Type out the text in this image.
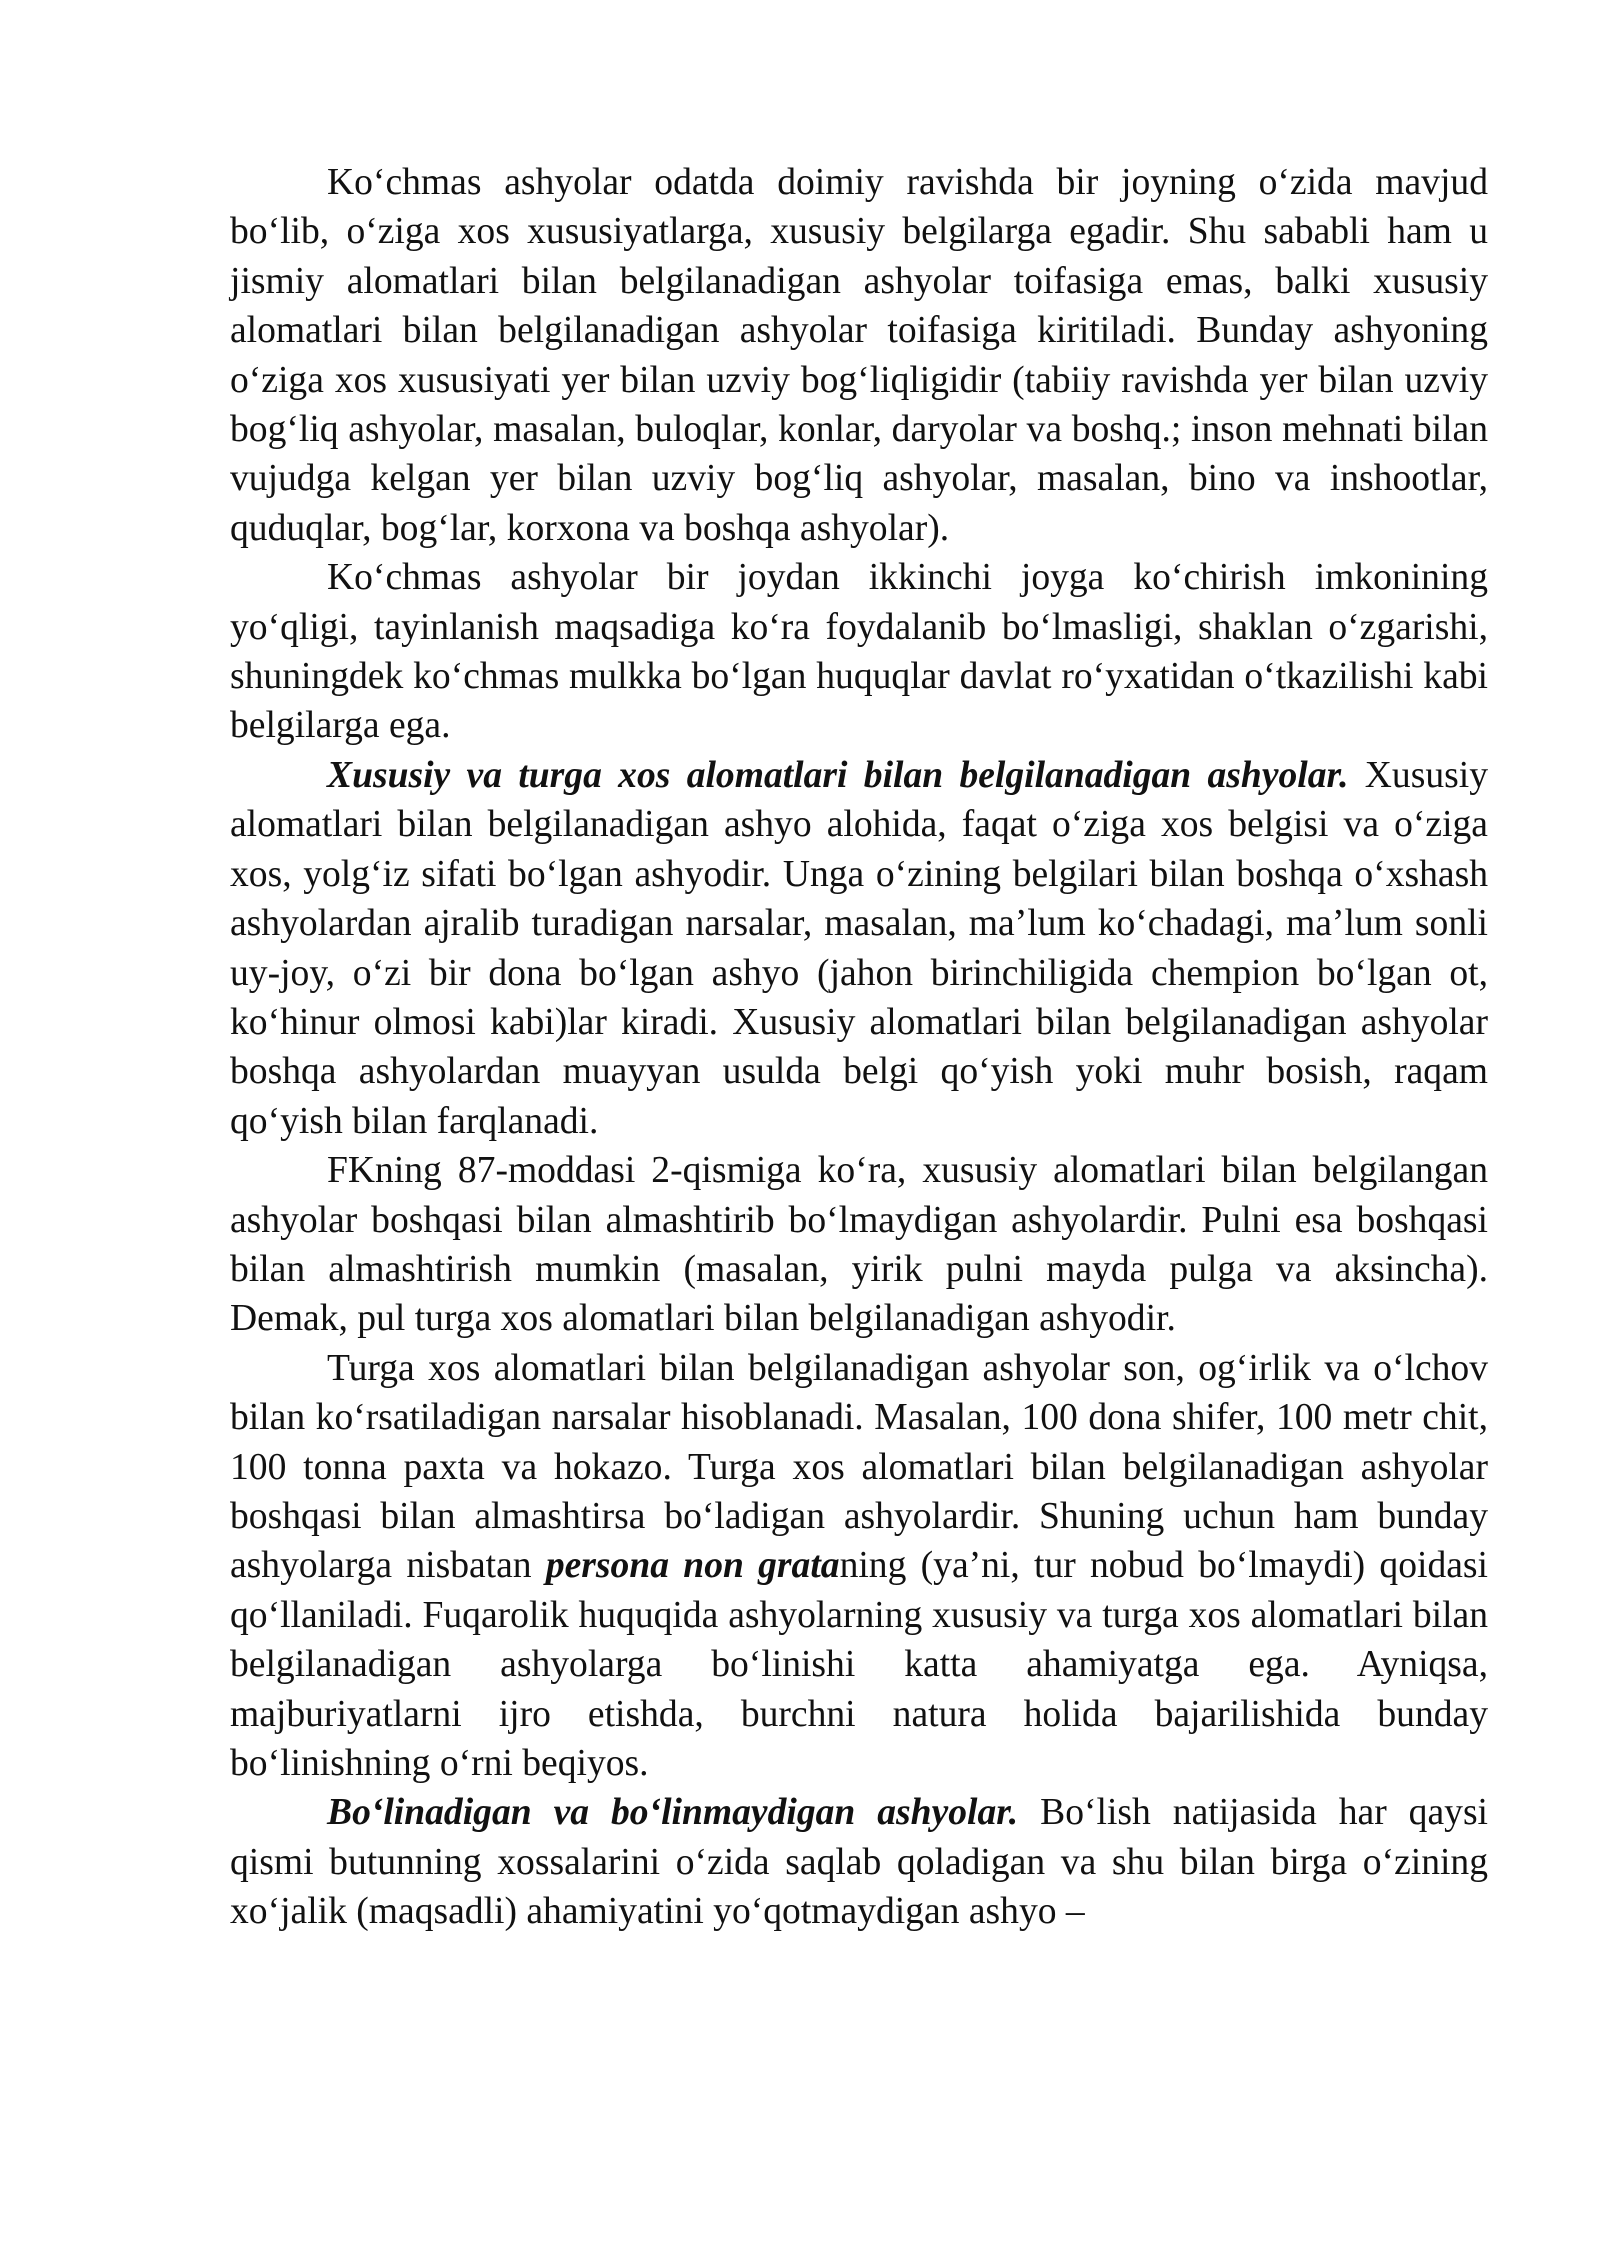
Ko‘chmas ashyolar odatda doimiy ravishda bir joyning o‘zida mavjud bo‘lib, o‘ziga xos xususiyatlarga, xususiy belgilarga egadir. Shu sababli ham u jismiy alomatlari bilan belgilanadigan ashyolar toifasiga emas, balki xususiy alomatlari bilan belgilanadigan ashyolar toifasiga kiritiladi. Bunday ashyoning o‘ziga xos xususiyati yer bilan uzviy bog‘liqligidir (tabiiy ravishda yer bilan uzviy bog‘liq ashyolar, masalan, buloqlar, konlar, daryolar va boshq.; inson mehnati bilan vujudga kelgan yer bilan uzviy bog‘liq ashyolar, masalan, bino va inshootlar, quduqlar, bog‘lar, korxona va boshqa ashyolar).

Ko‘chmas ashyolar bir joydan ikkinchi joyga ko‘chirish imkonining yo‘qligi, tayinlanish maqsadiga ko‘ra foydalanib bo‘lmasligi, shaklan o‘zgarishi, shuningdek ko‘chmas mulkka bo‘lgan huquqlar davlat ro‘yxatidan o‘tkazilishi kabi belgilarga ega.

Xususiy va turga xos alomatlari bilan belgilanadigan ashyolar. Xususiy alomatlari bilan belgilanadigan ashyo alohida, faqat o‘ziga xos belgisi va o‘ziga xos, yolg‘iz sifati bo‘lgan ashyodir. Unga o‘zining belgilari bilan boshqa o‘xshash ashyolardan ajralib turadigan narsalar, masalan, ma’lum ko‘chadagi, ma’lum sonli uy-joy, o‘zi bir dona bo‘lgan ashyo (jahon birinchiligida chempion bo‘lgan ot, ko‘hinur olmosi kabi)lar kiradi. Xususiy alomatlari bilan belgilanadigan ashyolar boshqa ashyolardan muayyan usulda belgi qo‘yish yoki muhr bosish, raqam qo‘yish bilan farqlanadi.

FKning 87-moddasi 2-qismiga ko‘ra, xususiy alomatlari bilan belgilangan ashyolar boshqasi bilan almashtirib bo‘lmaydigan ashyolardir. Pulni esa boshqasi bilan almashtirish mumkin (masalan, yirik pulni mayda pulga va aksincha). Demak, pul turga xos alomatlari bilan belgilanadigan ashyodir.

Turga xos alomatlari bilan belgilanadigan ashyolar son, og‘irlik va o‘lchov bilan ko‘rsatiladigan narsalar hisoblanadi. Masalan, 100 dona shifer, 100 metr chit, 100 tonna paxta va hokazo. Turga xos alomatlari bilan belgilanadigan ashyolar boshqasi bilan almashtirsa bo‘ladigan ashyolardir. Shuning uchun ham bunday ashyolarga nisbatan persona non grataning (ya’ni, tur nobud bo‘lmaydi) qoidasi qo‘llaniladi. Fuqarolik huquqida ashyolarning xususiy va turga xos alomatlari bilan belgilanadigan ashyolarga bo‘linishi katta ahamiyatga ega. Ayniqsa, majburiyatlarni ijro etishda, burchni natura holida bajarilishida bunday bo‘linishning o‘rni beqiyos.

Bo‘linadigan va bo‘linmaydigan ashyolar. Bo‘lish natijasida har qaysi qismi butunning xossalarini o‘zida saqlab qoladigan va shu bilan birga o‘zining xo‘jalik (maqsadli) ahamiyatini yo‘qotmaydigan ashyo –
